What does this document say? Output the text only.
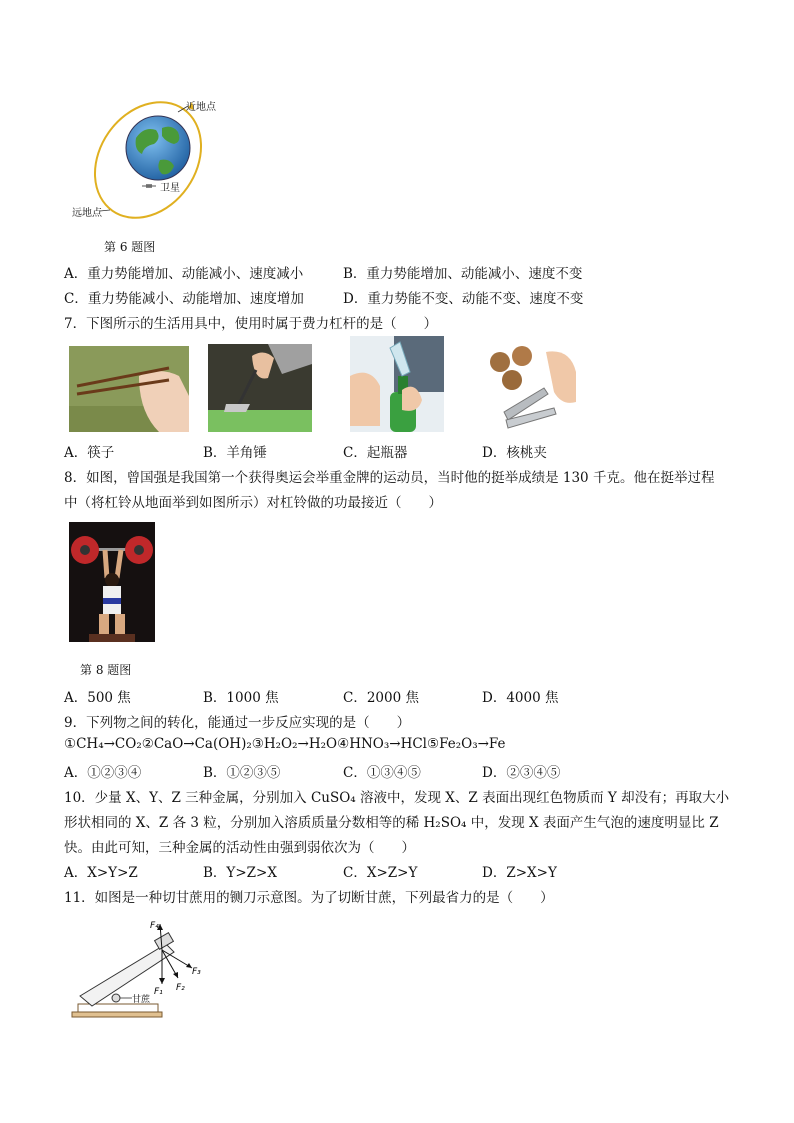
近地点
远地点
卫星
第 6 题图
A．重力势能增加、动能减小、速度减小	B．重力势能增加、动能减小、速度不变
C．重力势能减小、动能增加、速度增加	D．重力势能不变、动能不变、速度不变
7．下图所示的生活用具中，使用时属于费力杠杆的是（　　）
A．筷子	B．羊角锤	C．起瓶器	D．核桃夹
8．如图，曾国强是我国第一个获得奥运会举重金牌的运动员，当时他的挺举成绩是 130 千克。他在挺举过程
中（将杠铃从地面举到如图所示）对杠铃做的功最接近（　　）
第 8 题图
A．500 焦	B．1000 焦	C．2000 焦	D．4000 焦
9．下列物之间的转化，能通过一步反应实现的是（　　）
①CH₄→CO₂②CaO→Ca(OH)₂③H₂O₂→H₂O④HNO₃→HCl⑤Fe₂O₃→Fe
A．①②③④	B．①②③⑤	C．①③④⑤	D．②③④⑤
10．少量 X、Y、Z 三种金属，分别加入 CuSO₄ 溶液中，发现 X、Z 表面出现红色物质而 Y 却没有；再取大小
形状相同的 X、Z 各 3 粒，分别加入溶质质量分数相等的稀 H₂SO₄ 中，发现 X 表面产生气泡的速度明显比 Z
快。由此可知，三种金属的活动性由强到弱依次为（　　）
A．X>Y>Z	B．Y>Z>X	C．X>Z>Y	D．Z>X>Y
11．如图是一种切甘蔗用的铡刀示意图。为了切断甘蔗，下列最省力的是（　　）
F₄
F₁ F₂
F₃
甘蔗
